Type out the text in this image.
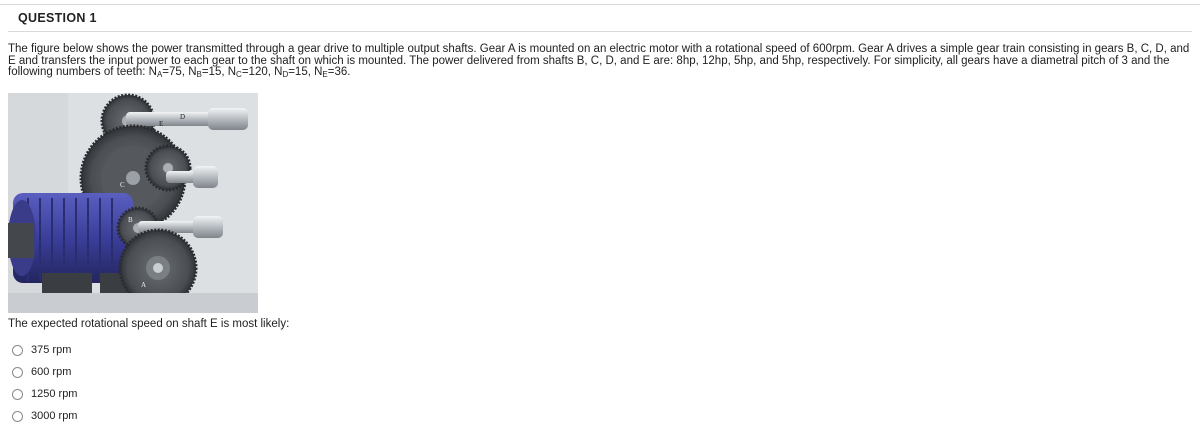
QUESTION 1
The figure below shows the power transmitted through a gear drive to multiple output shafts. Gear A is mounted on an electric motor with a rotational speed of 600rpm. Gear A drives a simple gear train consisting in gears B, C, D, and E and transfers the input power to each gear to the shaft on which is mounted. The power delivered from shafts B, C, D, and E are: 8hp, 12hp, 5hp, and 5hp, respectively. For simplicity, all gears have a diametral pitch of 3 and the following numbers of teeth: $N_A=75$, $N_B=15$, $N_C=120$, $N_D=15$, $N_E=36$.
D
C
E
B
A
The expected rotational speed on shaft E is most likely:
375 rpm
600 rpm
1250 rpm
3000 rpm
